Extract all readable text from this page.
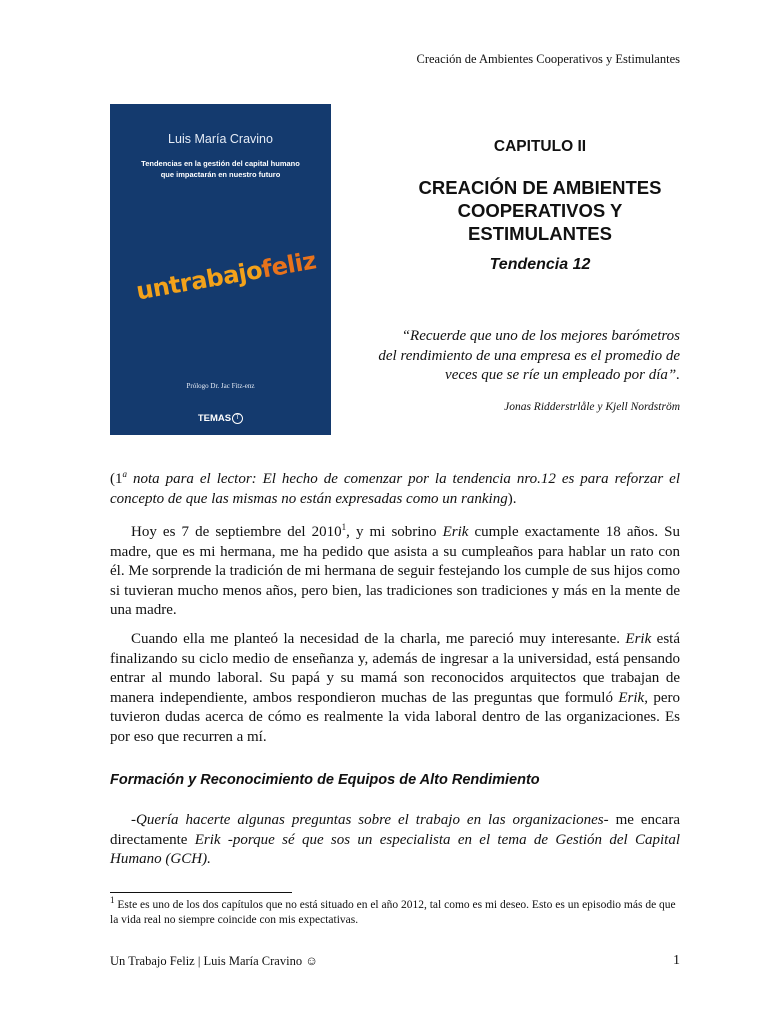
Creación de Ambientes Cooperativos y Estimulantes
Luis María Cravino
Tendencias en la gestión del capital humano
que impactarán en nuestro futuro
untrabajofeliz
Prólogo Dr. Jac Fitz-enz
TEMAS T
CAPITULO II
CREACIÓN DE AMBIENTES
COOPERATIVOS Y
ESTIMULANTES
Tendencia 12
“Recuerde que uno de los mejores barómetros
del rendimiento de una empresa es el promedio de
veces que se ríe un empleado por día”.
Jonas Ridderstrlåle y Kjell Nordström

(1$^a$ nota para el lector: El hecho de comenzar por la tendencia nro.12 es para reforzar el concepto de que las mismas no están expresadas como un ranking).

Hoy es 7 de septiembre del 2010$^1$, y mi sobrino Erik cumple exactamente 18 años. Su madre, que es mi hermana, me ha pedido que asista a su cumpleaños para hablar un rato con él. Me sorprende la tradición de mi hermana de seguir festejando los cumple de sus hijos como si tuvieran mucho menos años, pero bien, las tradiciones son tradiciones y más en la mente de una madre.

Cuando ella me planteó la necesidad de la charla, me pareció muy interesante. Erik está finalizando su ciclo medio de enseñanza y, además de ingresar a la universidad, está pensando entrar al mundo laboral. Su papá y su mamá son reconocidos arquitectos que trabajan de manera independiente, ambos respondieron muchas de las preguntas que formuló Erik, pero tuvieron dudas acerca de cómo es realmente la vida laboral dentro de las organizaciones. Es por eso que recurren a mí.

Formación y Reconocimiento de Equipos de Alto Rendimiento

-Quería hacerte algunas preguntas sobre el trabajo en las organizaciones- me encara directamente Erik -porque sé que sos un especialista en el tema de Gestión del Capital Humano (GCH).

$^1$ Este es uno de los dos capítulos que no está situado en el año 2012, tal como es mi deseo. Esto es un episodio más de que la vida real no siempre coincide con mis expectativas.
Un Trabajo Feliz | Luis María Cravino ☺	1
